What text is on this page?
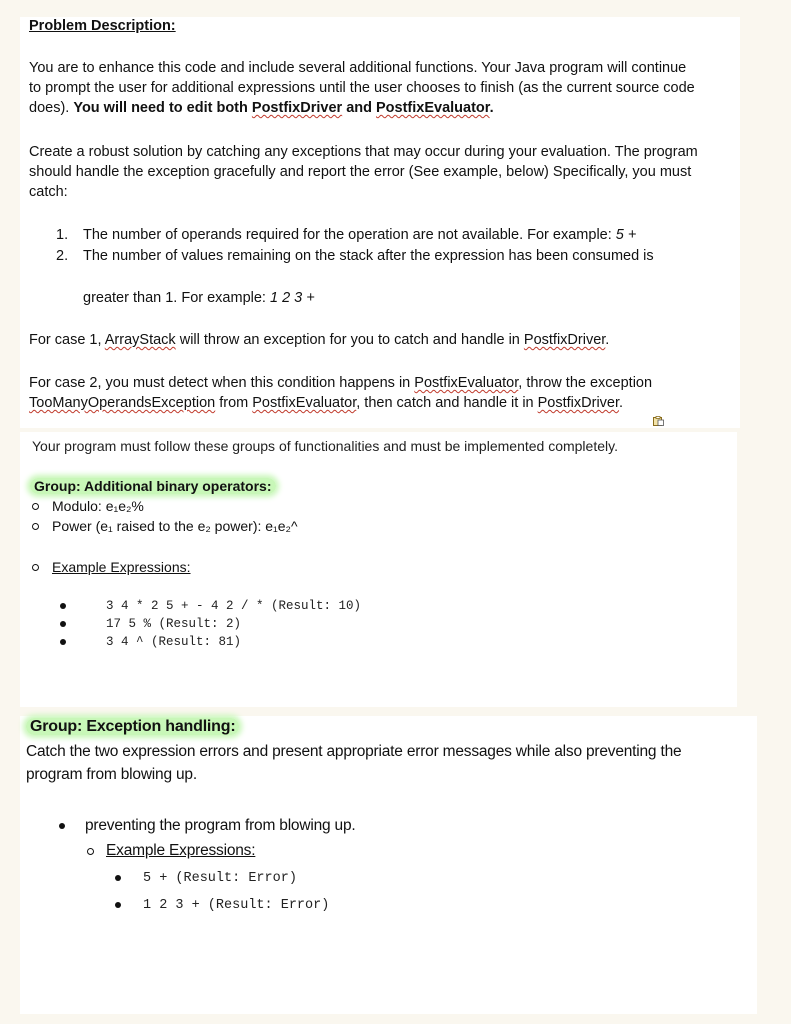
Problem Description:
You are to enhance this code and include several additional functions. Your Java program will continue
to prompt the user for additional expressions until the user chooses to finish (as the current source code
does). You will need to edit both PostfixDriver and PostfixEvaluator.
Create a robust solution by catching any exceptions that may occur during your evaluation. The program
should handle the exception gracefully and report the error (See example, below) Specifically, you must
catch:
1. The number of operands required for the operation are not available. For example: 5 +
2. The number of values remaining on the stack after the expression has been consumed is
greater than 1. For example: 1 2 3 +
For case 1, ArrayStack will throw an exception for you to catch and handle in PostfixDriver.
For case 2, you must detect when this condition happens in PostfixEvaluator, throw the exception
TooManyOperandsException from PostfixEvaluator, then catch and handle it in PostfixDriver.
Your program must follow these groups of functionalities and must be implemented completely.
Group: Additional binary operators:
Modulo: e₁e₂%
Power (e₁ raised to the e₂ power): e₁e₂^
Example Expressions:
3 4 * 2 5 + - 4 2 / * (Result: 10)
17 5 % (Result: 2)
3 4 ^ (Result: 81)
Group: Exception handling:
Catch the two expression errors and present appropriate error messages while also preventing the
program from blowing up.
preventing the program from blowing up.
Example Expressions:
5 + (Result: Error)
1 2 3 + (Result: Error)
